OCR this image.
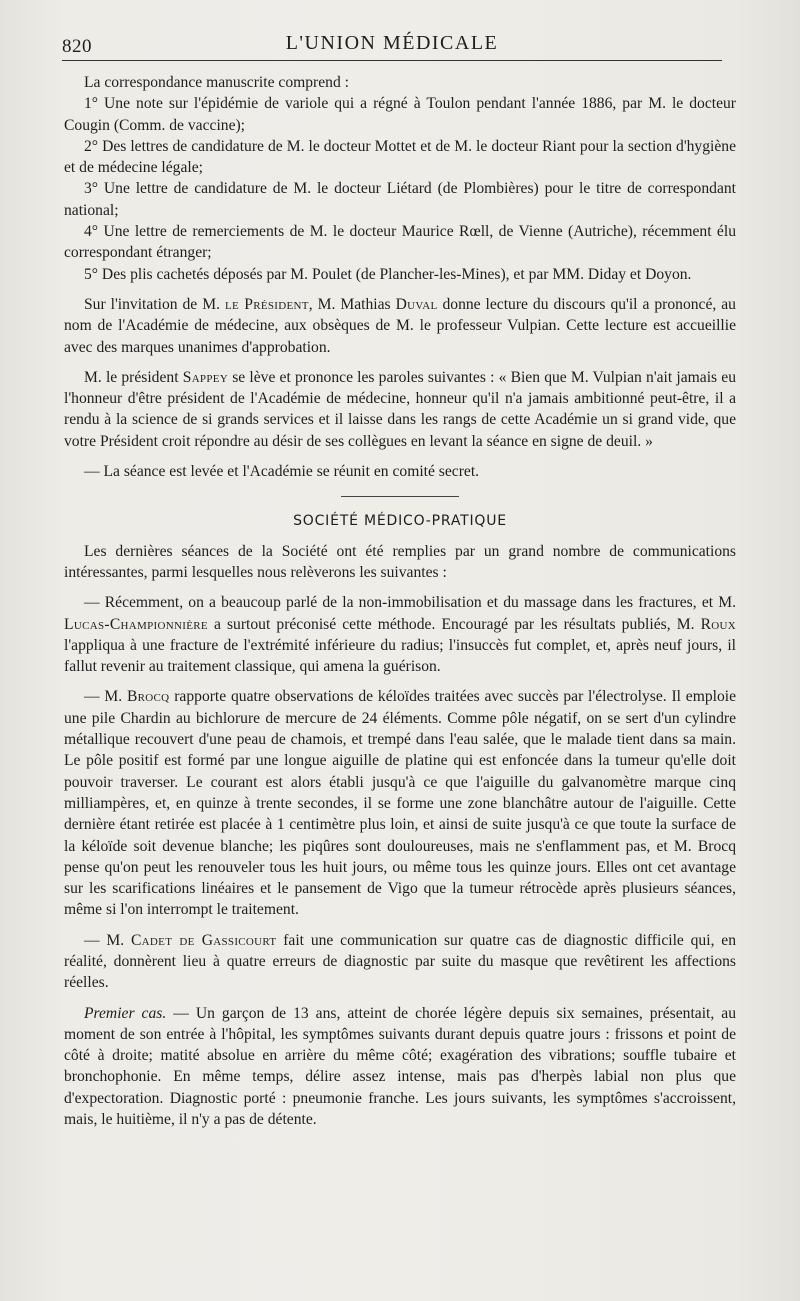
820	L'UNION MÉDICALE

La correspondance manuscrite comprend :

1° Une note sur l'épidémie de variole qui a régné à Toulon pendant l'année 1886, par M. le docteur Cougin (Comm. de vaccine);

2° Des lettres de candidature de M. le docteur Mottet et de M. le docteur Riant pour la section d'hygiène et de médecine légale;

3° Une lettre de candidature de M. le docteur Liétard (de Plombières) pour le titre de correspondant national;

4° Une lettre de remerciements de M. le docteur Maurice Rœll, de Vienne (Autriche), récemment élu correspondant étranger;

5° Des plis cachetés déposés par M. Poulet (de Plancher-les-Mines), et par MM. Diday et Doyon.

Sur l'invitation de M. le Président, M. Mathias Duval donne lecture du discours qu'il a prononcé, au nom de l'Académie de médecine, aux obsèques de M. le professeur Vulpian. Cette lecture est accueillie avec des marques unanimes d'approbation.

M. le président Sappey se lève et prononce les paroles suivantes : « Bien que M. Vulpian n'ait jamais eu l'honneur d'être président de l'Académie de médecine, honneur qu'il n'a jamais ambitionné peut-être, il a rendu à la science de si grands services et il laisse dans les rangs de cette Académie un si grand vide, que votre Président croit répondre au désir de ses collègues en levant la séance en signe de deuil. »

— La séance est levée et l'Académie se réunit en comité secret.

SOCIÉTÉ MÉDICO-PRATIQUE

Les dernières séances de la Société ont été remplies par un grand nombre de communications intéressantes, parmi lesquelles nous relèverons les suivantes :

— Récemment, on a beaucoup parlé de la non-immobilisation et du massage dans les fractures, et M. Lucas-Championnière a surtout préconisé cette méthode. Encouragé par les résultats publiés, M. Roux l'appliqua à une fracture de l'extrémité inférieure du radius; l'insuccès fut complet, et, après neuf jours, il fallut revenir au traitement classique, qui amena la guérison.

— M. Brocq rapporte quatre observations de kéloïdes traitées avec succès par l'électrolyse. Il emploie une pile Chardin au bichlorure de mercure de 24 éléments. Comme pôle négatif, on se sert d'un cylindre métallique recouvert d'une peau de chamois, et trempé dans l'eau salée, que le malade tient dans sa main. Le pôle positif est formé par une longue aiguille de platine qui est enfoncée dans la tumeur qu'elle doit pouvoir traverser. Le courant est alors établi jusqu'à ce que l'aiguille du galvanomètre marque cinq milliampères, et, en quinze à trente secondes, il se forme une zone blanchâtre autour de l'aiguille. Cette dernière étant retirée est placée à 1 centimètre plus loin, et ainsi de suite jusqu'à ce que toute la surface de la kéloïde soit devenue blanche; les piqûres sont douloureuses, mais ne s'enflamment pas, et M. Brocq pense qu'on peut les renouveler tous les huit jours, ou même tous les quinze jours. Elles ont cet avantage sur les scarifications linéaires et le pansement de Vigo que la tumeur rétrocède après plusieurs séances, même si l'on interrompt le traitement.

— M. Cadet de Gassicourt fait une communication sur quatre cas de diagnostic difficile qui, en réalité, donnèrent lieu à quatre erreurs de diagnostic par suite du masque que revêtirent les affections réelles.

Premier cas. — Un garçon de 13 ans, atteint de chorée légère depuis six semaines, présentait, au moment de son entrée à l'hôpital, les symptômes suivants durant depuis quatre jours : frissons et point de côté à droite; matité absolue en arrière du même côté; exagération des vibrations; souffle tubaire et bronchophonie. En même temps, délire assez intense, mais pas d'herpès labial non plus que d'expectoration. Diagnostic porté : pneumonie franche. Les jours suivants, les symptômes s'accroissent, mais, le huitième, il n'y a pas de détente.
